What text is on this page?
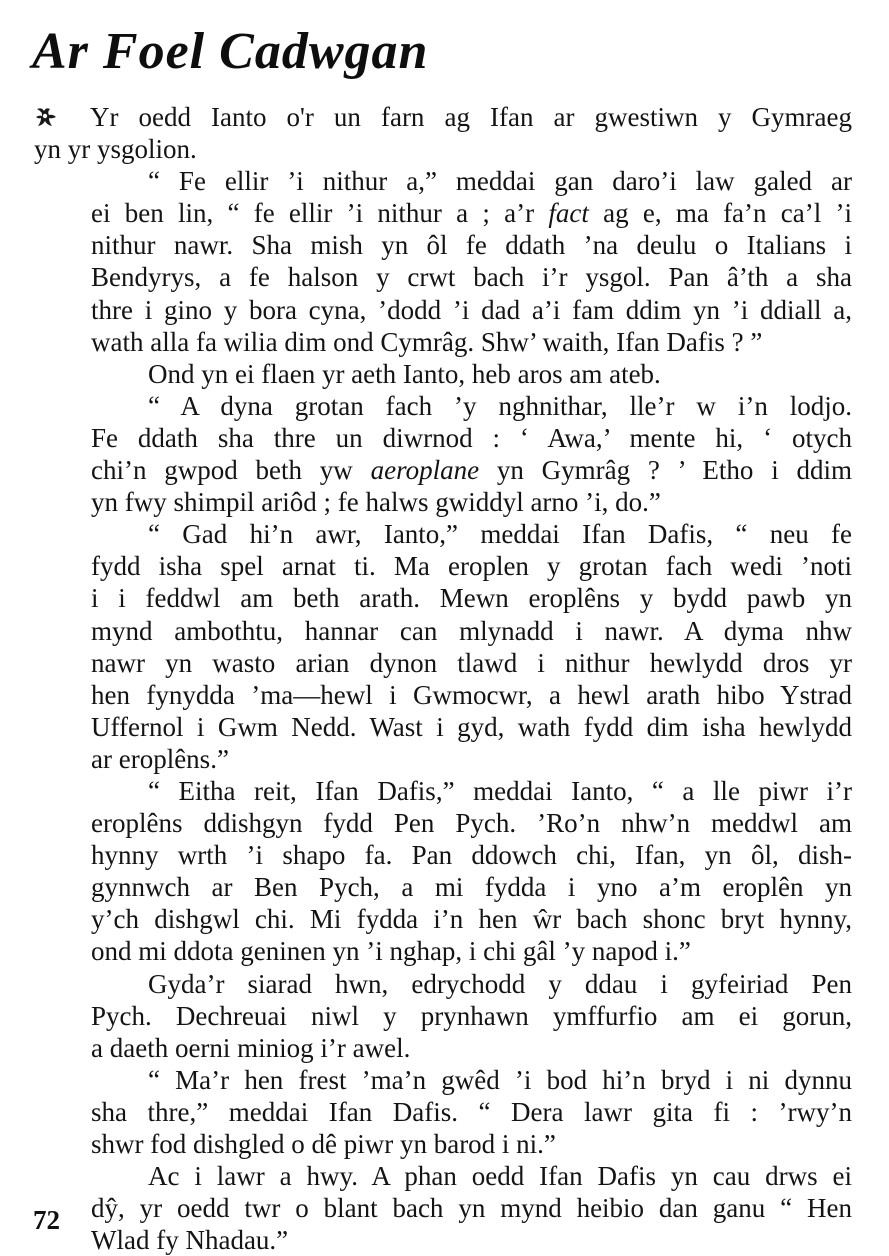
Ar Foel Cadwgan

Yr oedd Ianto o'r un farn ag Ifan ar gwestiwn y Gymraeg
yn yr ysgolion.

“ Fe ellir ’i nithur a,” meddai gan daro’i law galed ar
ei ben lin, “ fe ellir ’i nithur a ; a’r fact ag e, ma fa’n ca’l ’i
nithur nawr. Sha mish yn ôl fe ddath ’na deulu o Italians i
Bendyrys, a fe halson y crwt bach i’r ysgol. Pan â’th a sha
thre i gino y bora cyna, ’dodd ’i dad a’i fam ddim yn ’i ddiall a,
wath alla fa wilia dim ond Cymrâg. Shw’ waith, Ifan Dafis ? ”

Ond yn ei flaen yr aeth Ianto, heb aros am ateb.

“ A dyna grotan fach ’y nghnithar, lle’r w i’n lodjo.
Fe ddath sha thre un diwrnod : ‘ Awa,’ mente hi, ‘ otych
chi’n gwpod beth yw aeroplane yn Gymrâg ? ’ Etho i ddim
yn fwy shimpil ariôd ; fe halws gwiddyl arno ’i, do.”

“ Gad hi’n awr, Ianto,” meddai Ifan Dafis, “ neu fe
fydd isha spel arnat ti. Ma eroplen y grotan fach wedi ’noti
i i feddwl am beth arath. Mewn eroplêns y bydd pawb yn
mynd ambothtu, hannar can mlynadd i nawr. A dyma nhw
nawr yn wasto arian dynon tlawd i nithur hewlydd dros yr
hen fynydda ’ma—hewl i Gwmocwr, a hewl arath hibo Ystrad
Uffernol i Gwm Nedd. Wast i gyd, wath fydd dim isha hewlydd
ar eroplêns.”

“ Eitha reit, Ifan Dafis,” meddai Ianto, “ a lle piwr i’r
eroplêns ddishgyn fydd Pen Pych. ’Ro’n nhw’n meddwl am
hynny wrth ’i shapo fa. Pan ddowch chi, Ifan, yn ôl, dish-
gynnwch ar Ben Pych, a mi fydda i yno a’m eroplên yn
y’ch dishgwl chi. Mi fydda i’n hen ŵr bach shonc bryt hynny,
ond mi ddota geninen yn ’i nghap, i chi gâl ’y napod i.”

Gyda’r siarad hwn, edrychodd y ddau i gyfeiriad Pen
Pych. Dechreuai niwl y prynhawn ymffurfio am ei gorun,
a daeth oerni miniog i’r awel.

“ Ma’r hen frest ’ma’n gwêd ’i bod hi’n bryd i ni dynnu
sha thre,” meddai Ifan Dafis. “ Dera lawr gita fi : ’rwy’n
shwr fod dishgled o dê piwr yn barod i ni.”

Ac i lawr a hwy. A phan oedd Ifan Dafis yn cau drws ei
dŷ, yr oedd twr o blant bach yn mynd heibio dan ganu “ Hen
Wlad fy Nhadau.”

72
